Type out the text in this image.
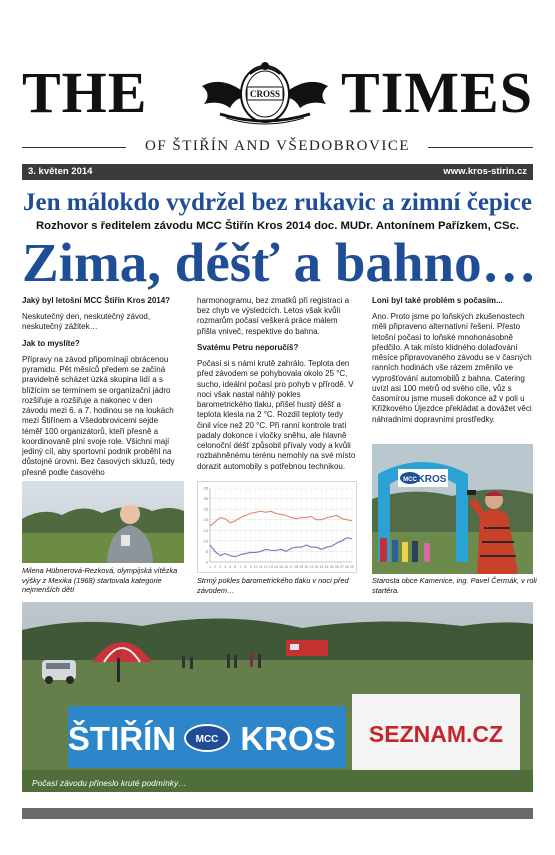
THE	CROSS TIMES
OF ŠTIŘÍN AND VŠEDOBROVICE
3. květen 2014	www.kros-stirin.cz
Jen málokdo vydržel bez rukavic a zimní čepice
Rozhovor s ředitelem závodu MCC Štiřín Kros 2014 doc. MUDr. Antonínem Pařízkem, CSc.
Zima, déšť a bahno…

Jaký byl letošní MCC Štiřín Kros 2014?

Neskutečný den, neskutečný závod, neskutečný zážitek…

Jak to myslíte?

Přípravy na závod připomínají obrácenou pyramidu. Pět měsíců předem se začíná pravidelně scházet úzká skupina lidí a s blížícím se termínem se organizační jádro rozšiřuje a rozšiřuje a nakonec v den závodu mezi 6. a 7. hodinou se na loukách mezi Štiřínem a Všedobrovicemi sejde téměř 100 organizátorů, kteří přesně a koordinovaně plní svoje role. Všichni mají jediný cíl, aby sportovní podnik proběhl na důstojné úrovni. Bez časových skluzů, tedy přesně podle časového

harmonogramu, bez zmatků při registraci a bez chyb ve výsledcích. Letos však kvůli rozmarům počasí veškerá práce málem přišla vniveč, respektive do bahna.

Svatému Petru neporučíš?

Počasí si s námi krutě zahrálo. Teplota den před závodem se pohybovala okolo 25 °C, sucho, ideální počasí pro pohyb v přírodě. V noci však nastal náhlý pokles barometrického tlaku, přišel hustý déšť a teplota klesla na 2 °C. Rozdíl teploty tedy činil více než 20 °C. Při ranní kontrole tratí padaly dokonce i vločky sněhu, ale hlavně celonoční déšť způsobil přívaly vody a kvůli rozbahněnému terénu nemohly na své místo dorazit automobily s potřebnou technikou.

Loni byl také problém s počasím...

Ano. Proto jsme po loňských zkušenostech měli připraveno alternativní řešení. Přesto letošní počasí to loňské mnohonásobně předčilo. A tak místo klidného dolaďování měsíce připravovaného závodu se v časných ranních hodinách vše rázem změnilo ve vyprošťování automobilů z bahna. Catering uvízl asi 100 metrů od svého cíle, vůz s časomírou jsme museli dokonce až v poli u Křížkového Újezdce překládat a dovážet věci náhradními dopravními prostředky.

Milena Hübnerová-Rezková, olympijská vítězka výšky z Mexika (1968) startovala kategorie nejmenších dětí
0
5
10
15
20
25
30
35
1 2 3 4 5 6 7 8 9 10 11 12 13 14 15 16 17 18 19 20 21 22 23 24 25 26 27 28 29
Strmý pokles barometrického tlaku v noci před závodem…
MCC KROS
Starosta obce Kamenice, ing. Pavel Čermák, v roli startéra.
ŠTIŘÍN MCC KROS SEZNAM.CZ
Počasí závodu přineslo kruté podmínky…
